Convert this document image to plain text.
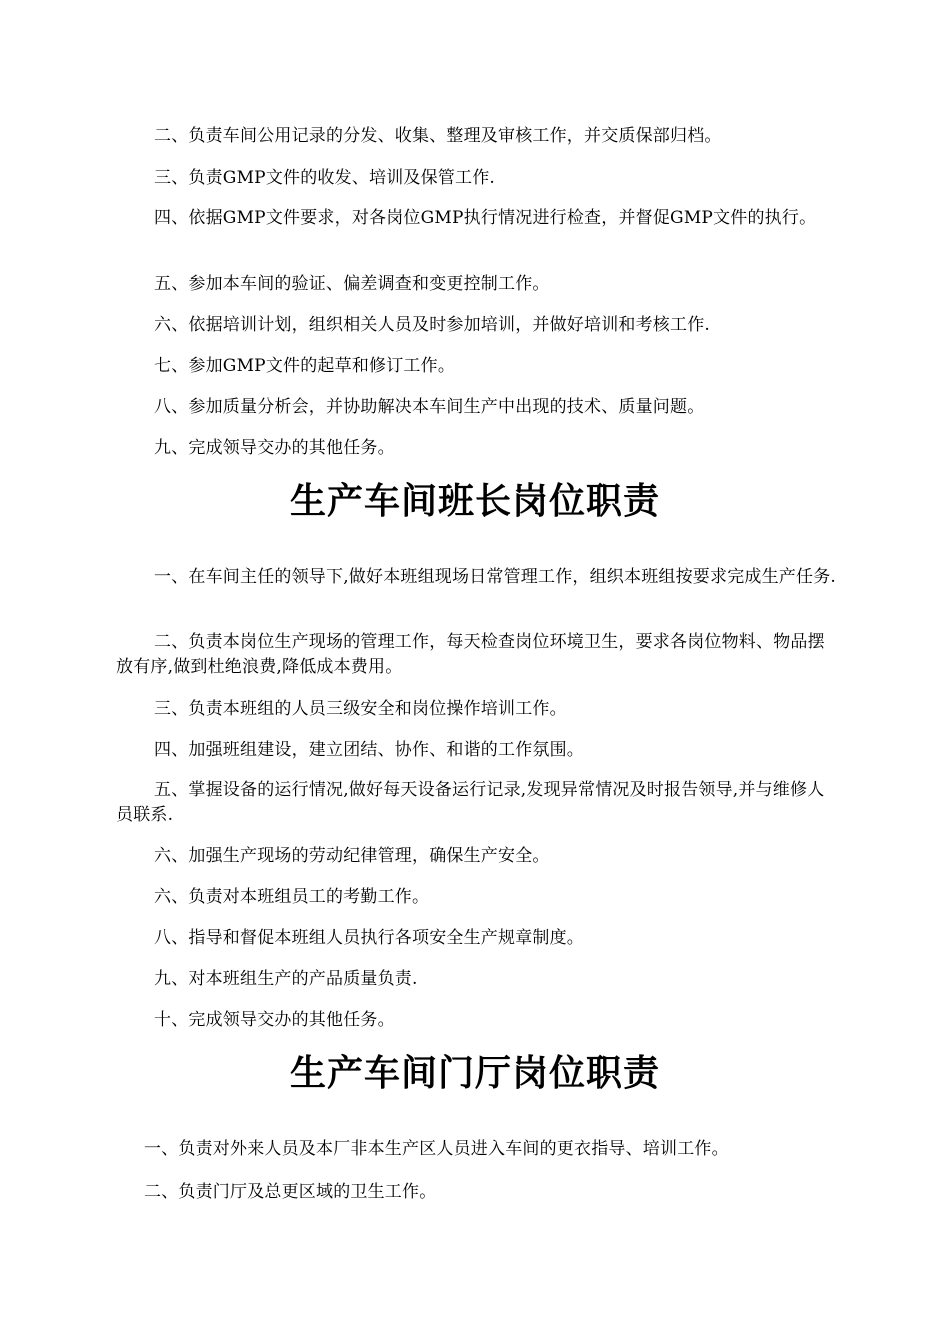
二、负责车间公用记录的分发、收集、整理及审核工作，并交质保部归档。

三、负责GMP文件的收发、培训及保管工作.

四、依据GMP文件要求，对各岗位GMP执行情况进行检查，并督促GMP文件的执行。

五、参加本车间的验证、偏差调查和变更控制工作。

六、依据培训计划，组织相关人员及时参加培训，并做好培训和考核工作.

七、参加GMP文件的起草和修订工作。

八、参加质量分析会，并协助解决本车间生产中出现的技术、质量问题。

九、完成领导交办的其他任务。

生产车间班长岗位职责

一、在车间主任的领导下,做好本班组现场日常管理工作，组织本班组按要求完成生产任务.

二、负责本岗位生产现场的管理工作，每天检查岗位环境卫生，要求各岗位物料、物品摆放有序,做到杜绝浪费,降低成本费用。

三、负责本班组的人员三级安全和岗位操作培训工作。

四、加强班组建设，建立团结、协作、和谐的工作氛围。

五、掌握设备的运行情况,做好每天设备运行记录,发现异常情况及时报告领导,并与维修人员联系.

六、加强生产现场的劳动纪律管理，确保生产安全。

六、负责对本班组员工的考勤工作。

八、指导和督促本班组人员执行各项安全生产规章制度。

九、对本班组生产的产品质量负责.

十、完成领导交办的其他任务。

生产车间门厅岗位职责

一、负责对外来人员及本厂非本生产区人员进入车间的更衣指导、培训工作。

二、负责门厅及总更区域的卫生工作。
